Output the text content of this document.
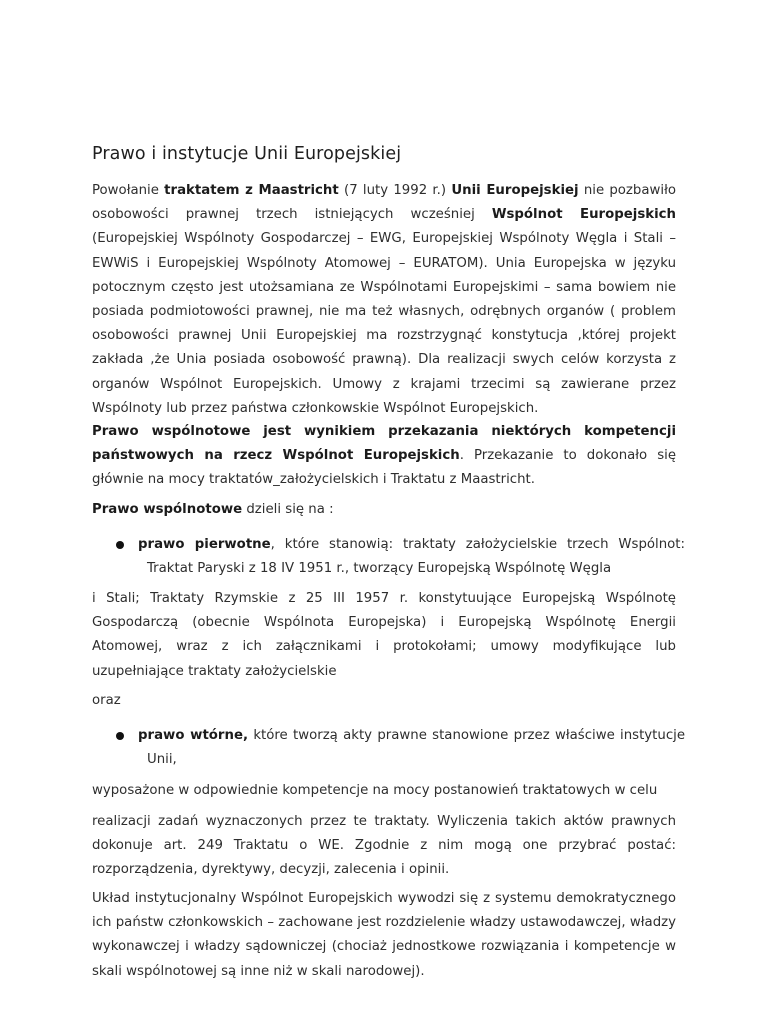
Prawo i instytucje Unii Europejskiej

Powołanie traktatem z Maastricht (7 luty 1992 r.) Unii Europejskiej nie pozbawiło osobowości prawnej trzech istniejących wcześniej Wspólnot Europejskich (Europejskiej Wspólnoty Gospodarczej – EWG, Europejskiej Wspólnoty Węgla i Stali – EWWiS i Europejskiej Wspólnoty Atomowej – EURATOM). Unia Europejska w języku potocznym często jest utożsamiana ze Wspólnotami Europejskimi – sama bowiem nie posiada podmiotowości prawnej, nie ma też własnych, odrębnych organów ( problem osobowości prawnej Unii Europejskiej ma rozstrzygnąć konstytucja ,której projekt zakłada ,że Unia posiada osobowość prawną). Dla realizacji swych celów korzysta z organów Wspólnot Europejskich. Umowy z krajami trzecimi są zawierane przez Wspólnoty lub przez państwa członkowskie Wspólnot Europejskich.

Prawo wspólnotowe jest wynikiem przekazania niektórych kompetencji państwowych na rzecz Wspólnot Europejskich. Przekazanie to dokonało się głównie na mocy traktatów_założycielskich i Traktatu z Maastricht.

Prawo wspólnotowe dzieli się na :

prawo pierwotne, które stanowią: traktaty założycielskie trzech Wspólnot: Traktat Paryski z 18 IV 1951 r., tworzący Europejską Wspólnotę Węgla

i Stali; Traktaty Rzymskie z 25 III 1957 r. konstytuujące Europejską Wspólnotę Gospodarczą (obecnie Wspólnota Europejska) i Europejską Wspólnotę Energii Atomowej, wraz z ich załącznikami i protokołami; umowy modyfikujące lub uzupełniające traktaty założycielskie

oraz

prawo wtórne, które tworzą akty prawne stanowione przez właściwe instytucje Unii,

wyposażone w odpowiednie kompetencje na mocy postanowień traktatowych w celu

realizacji zadań wyznaczonych przez te traktaty. Wyliczenia takich aktów prawnych dokonuje art. 249 Traktatu o WE. Zgodnie z nim mogą one przybrać postać: rozporządzenia, dyrektywy, decyzji, zalecenia i opinii.

Układ instytucjonalny Wspólnot Europejskich wywodzi się z systemu demokratycznego ich państw członkowskich – zachowane jest rozdzielenie władzy ustawodawczej, władzy wykonawczej i władzy sądowniczej (chociaż jednostkowe rozwiązania i kompetencje w skali wspólnotowej są inne niż w skali narodowej).
